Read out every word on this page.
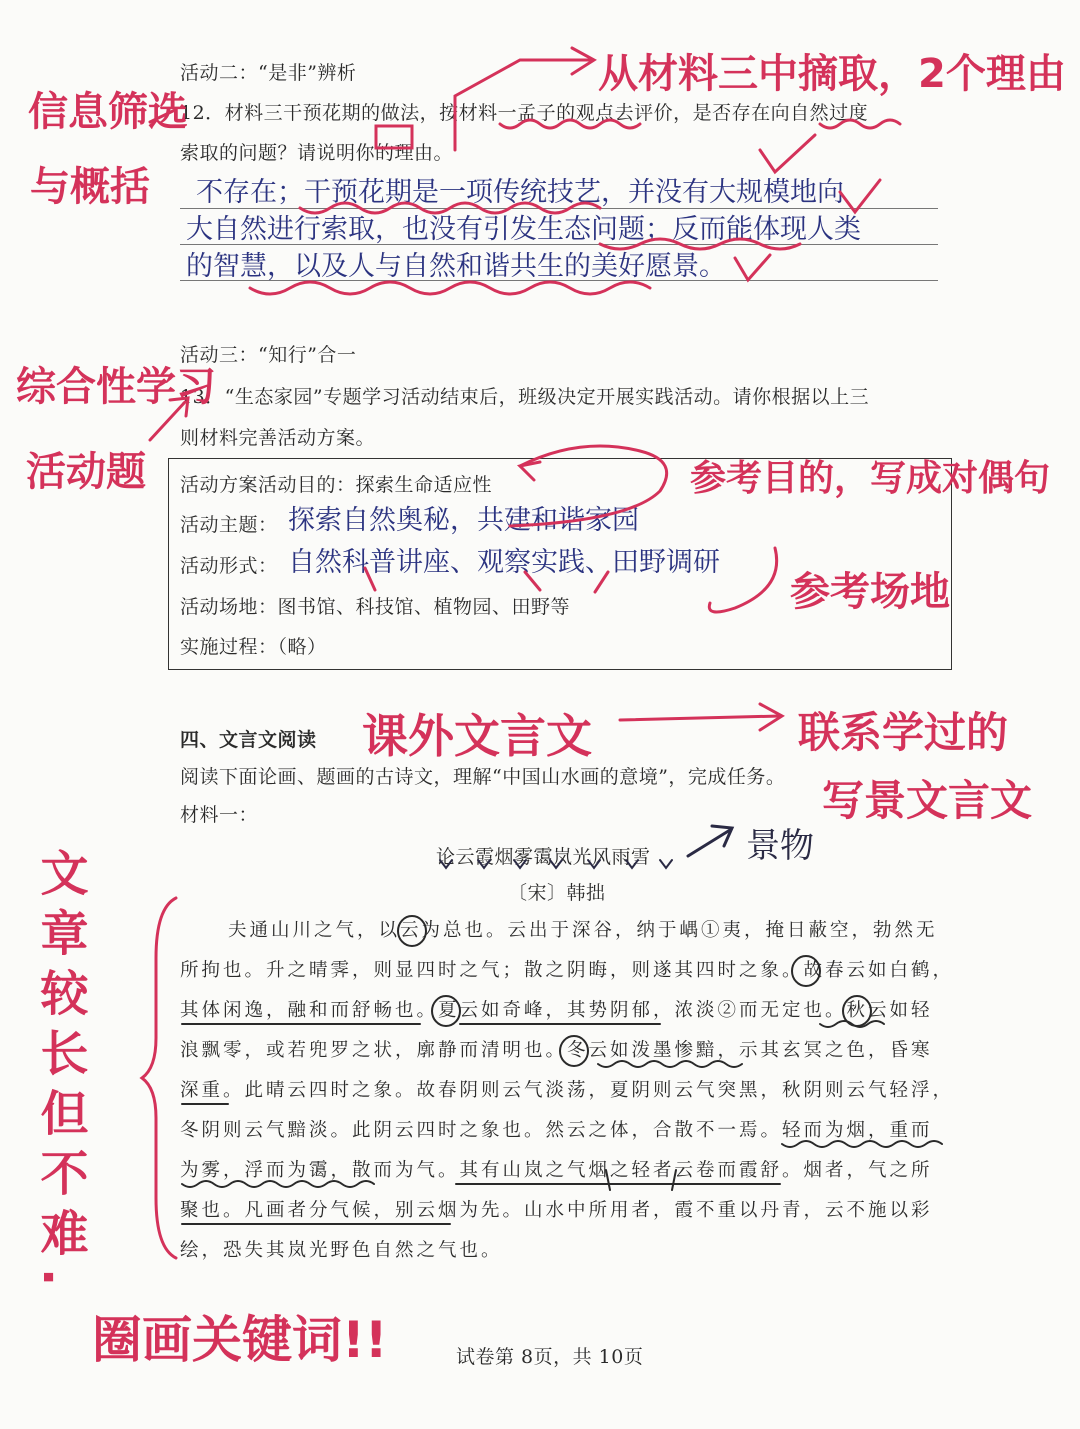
活动二：“是非”辨析
12．材料三干预花期的做法，按材料一孟子的观点去评价，是否存在向自然过度
索取的问题？请说明你的理由。
不存在；干预花期是一项传统技艺，并没有大规模地向
大自然进行索取，也没有引发生态问题；反而能体现人类
的智慧，以及人与自然和谐共生的美好愿景。
活动三：“知行”合一
13．“生态家园”专题学习活动结束后，班级决定开展实践活动。请你根据以上三
则材料完善活动方案。
活动方案活动目的：探索生命适应性
活动主题： 探索自然奥秘，共建和谐家园
活动形式： 自然科普讲座、观察实践、田野调研
活动场地：图书馆、科技馆、植物园、田野等
实施过程：（略）
四、文言文阅读
阅读下面论画、题画的古诗文，理解“中国山水画的意境”，完成任务。
材料一：
论云霞烟雾霭岚光风雨雪
〔宋〕韩拙
夫通山川之气，以云为总也。云出于深谷，纳于嵎①夷，掩日蔽空，勃然无
所拘也。升之晴霁，则显四时之气；散之阴晦，则遂其四时之象。故春云如白鹤，
其体闲逸，融和而舒畅也。夏云如奇峰，其势阴郁，浓淡②而无定也。秋云如轻
浪飘零，或若兜罗之状，廓静而清明也。冬云如泼墨惨黯，示其玄冥之色，昏寒
深重。此晴云四时之象。故春阴则云气淡荡，夏阴则云气突黑，秋阴则云气轻浮，
冬阴则云气黯淡。此阴云四时之象也。然云之体，合散不一焉。轻而为烟，重而
为雾，浮而为霭，散而为气。其有山岚之气烟之轻者云卷而霞舒。烟者，气之所
聚也。凡画者分气候，别云烟为先。山水中所用者，霞不重以丹青，云不施以彩
绘，恐失其岚光野色自然之气也。
试卷第 8页，共 10页
从材料三中摘取，2个理由
信息筛选
与概括
综合性学习
活动题	参考目的，写成对偶句
参考场地
课外文言文	联系学过的
写景文言文
景物
文章较长但不难.
圈画关键词!!
